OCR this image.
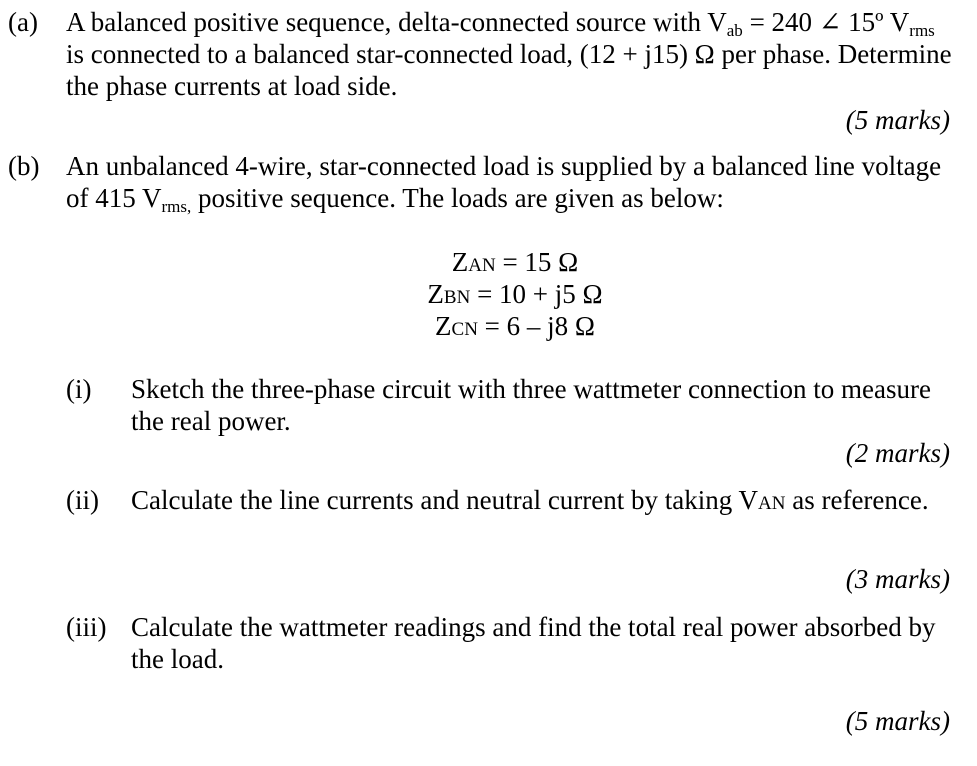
(a) A balanced positive sequence, delta-connected source with $V_{ab} = 240$ ∠ 15º $V_{rms}$
is connected to a balanced star-connected load, (12 + j15) Ω per phase. Determine
the phase currents at load side.
(5 marks)
(b) An unbalanced 4-wire, star-connected load is supplied by a balanced line voltage
of 415 $V_{rms,}$ positive sequence. The loads are given as below:
ZAN = 15 Ω
ZBN = 10 + j5 Ω
ZCN = 6 – j8 Ω
(i) Sketch the three-phase circuit with three wattmeter connection to measure
the real power.
(2 marks)
(ii) Calculate the line currents and neutral current by taking VAN as reference.
(3 marks)
(iii) Calculate the wattmeter readings and find the total real power absorbed by
the load.
(5 marks)
